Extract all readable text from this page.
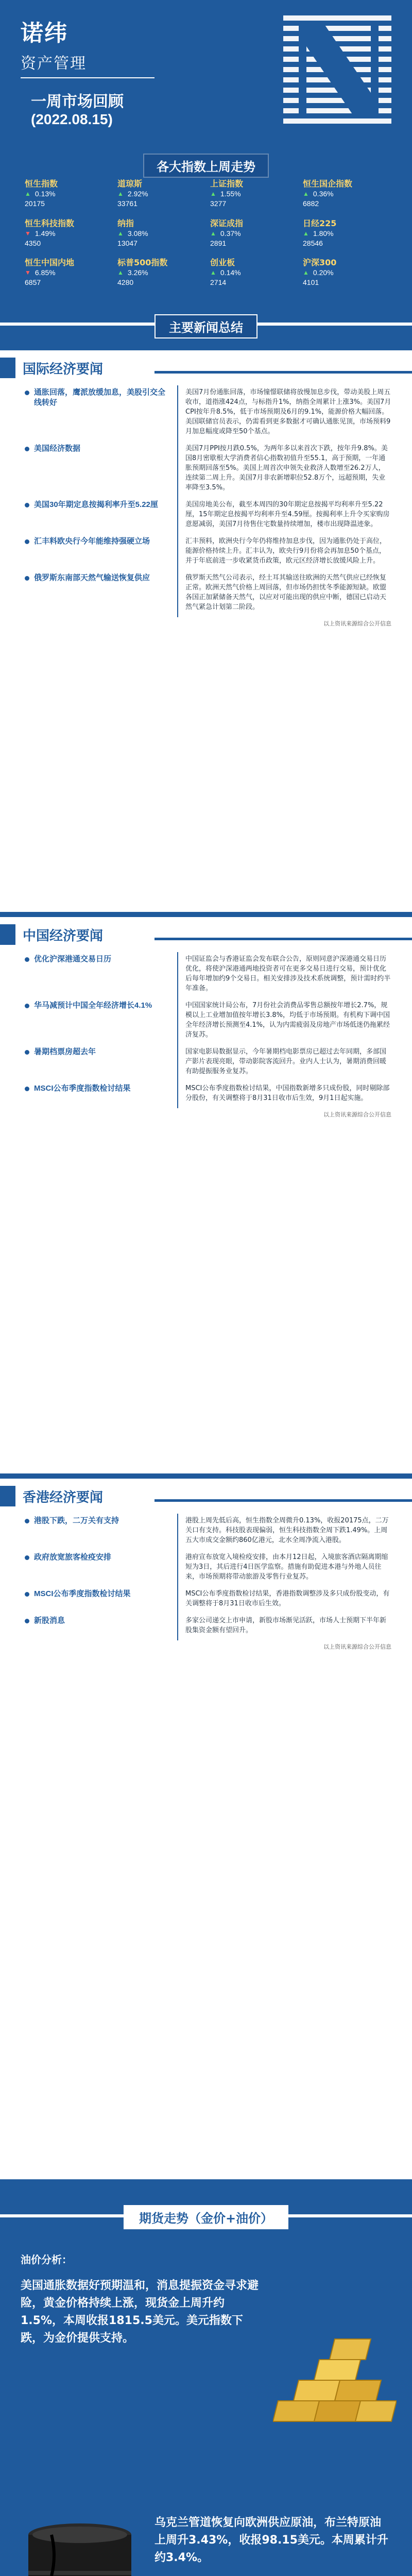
诺纬
资产管理
一周市场回顾
(2022.08.15)
各大指数上周走势
恒生指数
▲ 0.13%
20175
道琼斯
▲ 2.92%
33761
上证指数
▲ 1.55%
3277
恒生国企指数
▲ 0.36%
6882
恒生科技指数
▼ 1.49%
4350
纳指
▲ 3.08%
13047
深证成指
▲ 0.37%
2891
日经225
▲ 1.80%
28546
恒生中国内地
▼ 6.85%
6857
标普500指数
▲ 3.26%
4280
创业板
▲ 0.14%
2714
沪深300
▲ 0.20%
4101
主要新闻总结
国际经济要闻
通胀回落，鹰派放缓加息，美股引交全线转好
美国7月份通胀回落，市场憧憬联储将放慢加息步伐，带动美股上周五收市，道指涨424点，与标指升1%，纳指全周累计上涨3%。美国7月CPI按年升8.5%，低于市场预期及6月的9.1%，能源价格大幅回落。美国联储官员表示，仍需看到更多数据才可确认通胀见顶，市场预料9月加息幅度或降至50个基点。
美国经济数据	美国7月PPI按月跌0.5%，为两年多以来首次下跌，按年升9.8%。美国8月密歇根大学消费者信心指数初值升至55.1，高于预期，一年通胀预期回落至5%。美国上周首次申领失业救济人数增至26.2万人，连续第二周上升。美国7月非农新增职位52.8万个，远超预期，失业率降至3.5%。
美国30年期定息按揭利率升至5.22厘	美国房地美公布，截至本周四的30年期定息按揭平均利率升至5.22厘，15年期定息按揭平均利率升至4.59厘。按揭利率上升令买家购房意愿减弱，美国7月待售住宅数量持续增加，楼市出现降温迹象。
汇丰料欧央行今年能维持强硬立场	汇丰预料，欧洲央行今年仍将维持加息步伐，因为通胀仍处于高位，能源价格持续上升。汇丰认为，欧央行9月份将会再加息50个基点，并于年底前进一步收紧货币政策，欧元区经济增长放缓风险上升。
俄罗斯东南部天然气输送恢复供应	俄罗斯天然气公司表示，经土耳其输送往欧洲的天然气供应已经恢复正常。欧洲天然气价格上周回落，但市场仍担忧冬季能源短缺。欧盟各国正加紧储备天然气，以应对可能出现的供应中断，德国已启动天然气紧急计划第二阶段。
以上资讯来源综合公开信息
中国经济要闻
优化沪深港通交易日历	中国证监会与香港证监会发布联合公告，原则同意沪深港通交易日历优化，将使沪深港通两地投资者可在更多交易日进行交易，预计优化后每年增加约9个交易日。相关安排涉及技术系统调整，预计需时约半年准备。
华马减预计中国全年经济增长4.1%	中国国家统计局公布，7月份社会消费品零售总额按年增长2.7%，规模以上工业增加值按年增长3.8%，均低于市场预期。有机构下调中国全年经济增长预测至4.1%，认为内需疲弱及房地产市场低迷仍拖累经济复苏。
暑期档票房超去年	国家电影局数据显示，今年暑期档电影票房已超过去年同期，多部国产影片表现亮眼，带动影院客流回升。业内人士认为，暑期消费回暖有助提振服务业复苏。
MSCI公布季度指数检讨结果	MSCI公布季度指数检讨结果，中国指数新增多只成份股，同时剔除部分股份，有关调整将于8月31日收市后生效，9月1日起实施。
以上资讯来源综合公开信息
香港经济要闻
港股下跌，二万关有支持	港股上周先低后高，恒生指数全周微升0.13%，收报20175点，二万关口有支持。科技股表现偏弱，恒生科技指数全周下跌1.49%。上周五大市成交金额约860亿港元，北水全周净流入港股。
政府放宽旅客检疫安排	港府宣布放宽入境检疫安排，由本月12日起，入境旅客酒店隔离期缩短为3日，其后进行4日医学监察。措施有助促进本港与外地人员往来，市场预期将带动旅游及零售行业复苏。
MSCI公布季度指数检讨结果	MSCI公布季度指数检讨结果，香港指数调整涉及多只成份股变动，有关调整将于8月31日收市后生效。
新股消息	多家公司递交上市申请，新股市场渐见活跃，市场人士预期下半年新股集资金额有望回升。
以上资讯来源综合公开信息
期货走势（金价+油价）
油价分析：
美国通胀数据好预期温和，消息提振资金寻求避险，黄金价格持续上涨，现货金上周升约1.5%，本周收报1815.5美元。美元指数下跌，为金价提供支持。
乌克兰管道恢复向欧洲供应原油，布兰特原油上周升3.43%，收报98.15美元。本周累计升约3.4%。
